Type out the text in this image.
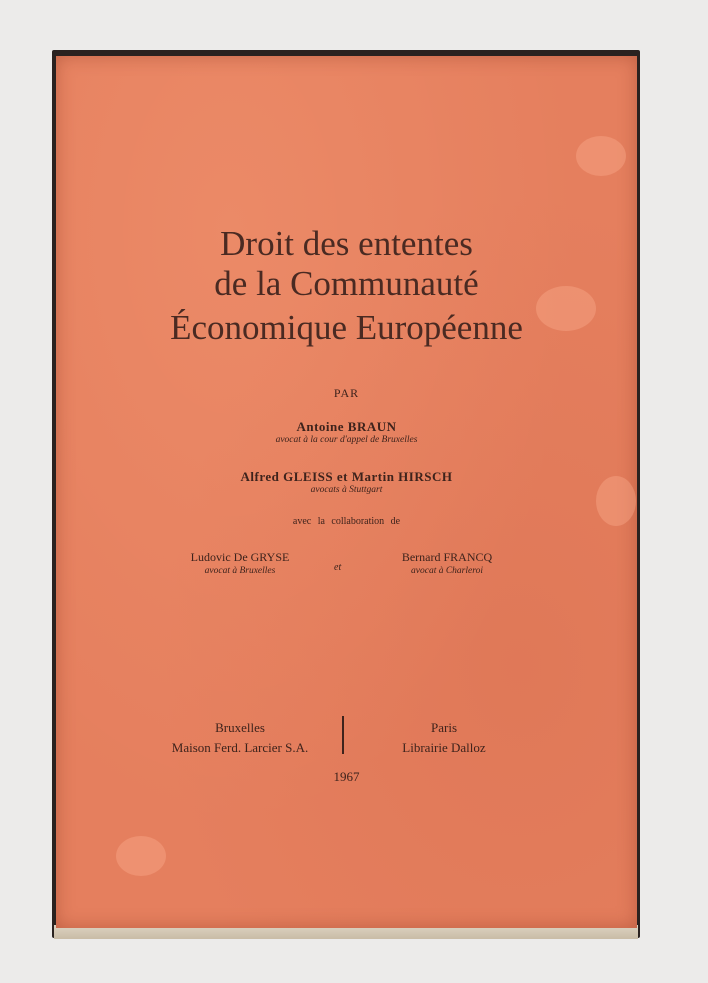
Droit des ententes
de la Communauté
Économique Européenne
PAR
Antoine BRAUN
avocat à la cour d'appel de Bruxelles
Alfred GLEISS et Martin HIRSCH
avocats à Stuttgart
avec la collaboration de
Ludovic De GRYSE
avocat à Bruxelles	et
Bernard FRANCQ
avocat à Charleroi
Bruxelles
Maison Ferd. Larcier S.A.
Paris
Librairie Dalloz
1967
